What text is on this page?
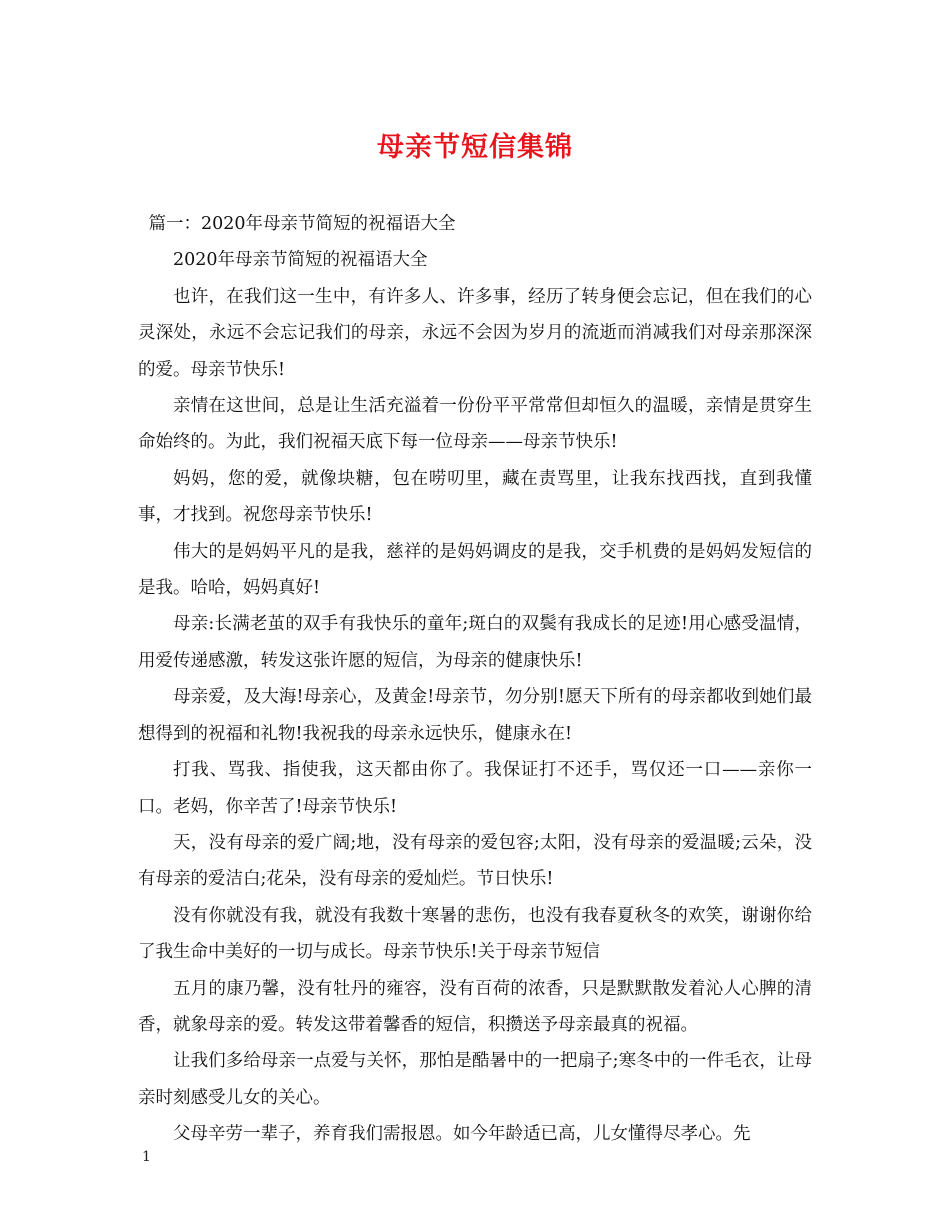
母亲节短信集锦

篇一：2020年母亲节简短的祝福语大全

2020年母亲节简短的祝福语大全

也许，在我们这一生中，有许多人、许多事，经历了转身便会忘记，但在我们的心灵深处，永远不会忘记我们的母亲，永远不会因为岁月的流逝而消减我们对母亲那深深的爱。母亲节快乐!

亲情在这世间，总是让生活充溢着一份份平平常常但却恒久的温暖，亲情是贯穿生命始终的。为此，我们祝福天底下每一位母亲——母亲节快乐!

妈妈，您的爱，就像块糖，包在唠叨里，藏在责骂里，让我东找西找，直到我懂事，才找到。祝您母亲节快乐!

伟大的是妈妈平凡的是我，慈祥的是妈妈调皮的是我，交手机费的是妈妈发短信的是我。哈哈，妈妈真好!

母亲:长满老茧的双手有我快乐的童年;斑白的双鬓有我成长的足迹!用心感受温情，用爱传递感激，转发这张许愿的短信，为母亲的健康快乐!

母亲爱，及大海!母亲心，及黄金!母亲节，勿分别!愿天下所有的母亲都收到她们最想得到的祝福和礼物!我祝我的母亲永远快乐，健康永在!

打我、骂我、指使我，这天都由你了。我保证打不还手，骂仅还一口——亲你一口。老妈，你辛苦了!母亲节快乐!

天，没有母亲的爱广阔;地，没有母亲的爱包容;太阳，没有母亲的爱温暖;云朵，没有母亲的爱洁白;花朵，没有母亲的爱灿烂。节日快乐!

没有你就没有我，就没有我数十寒暑的悲伤，也没有我春夏秋冬的欢笑，谢谢你给了我生命中美好的一切与成长。母亲节快乐!关于母亲节短信

五月的康乃馨，没有牡丹的雍容，没有百荷的浓香，只是默默散发着沁人心脾的清香，就象母亲的爱。转发这带着馨香的短信，积攒送予母亲最真的祝福。

让我们多给母亲一点爱与关怀，那怕是酷暑中的一把扇子;寒冬中的一件毛衣，让母亲时刻感受儿女的关心。

父母辛劳一辈子，养育我们需报恩。如今年龄适已高，儿女懂得尽孝心。先

1
